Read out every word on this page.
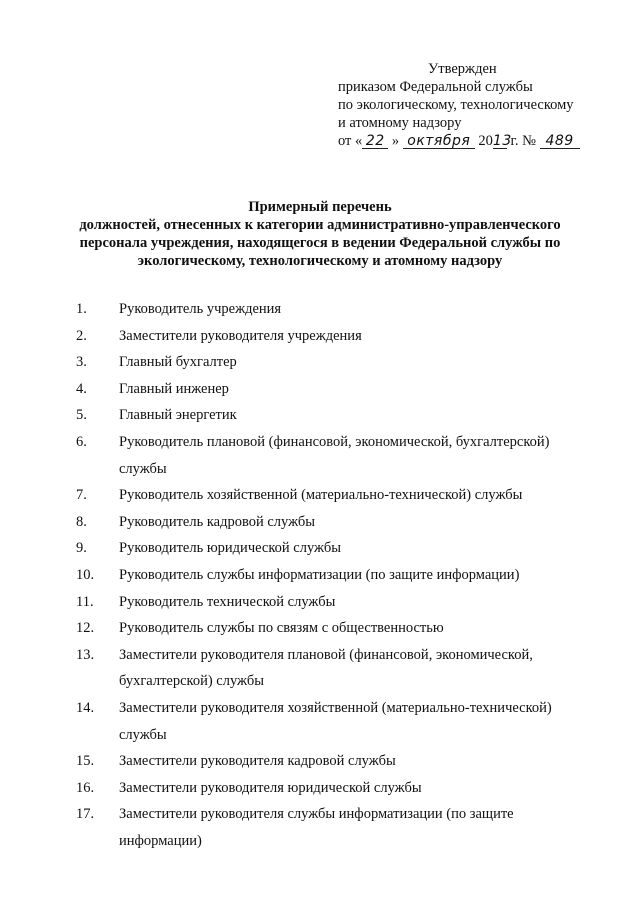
Утвержден
приказом Федеральной службы
по экологическому, технологическому
и атомному надзору
от « 22 » октября 2013 г. № 489
Примерный перечень
должностей, отнесенных к категории административно-управленческого
персонала учреждения, находящегося в ведении Федеральной службы по
экологическому, технологическому и атомному надзору
1.	Руководитель учреждения
2.	Заместители руководителя учреждения
3.	Главный бухгалтер
4.	Главный инженер
5.	Главный энергетик
6.	Руководитель плановой (финансовой, экономической, бухгалтерской) службы
7.	Руководитель хозяйственной (материально-технической) службы
8.	Руководитель кадровой службы
9.	Руководитель юридической службы
10.	Руководитель службы информатизации (по защите информации)
11.	Руководитель технической службы
12.	Руководитель службы по связям с общественностью
13.	Заместители руководителя плановой (финансовой, экономической, бухгалтерской) службы
14.	Заместители руководителя хозяйственной (материально-технической) службы
15.	Заместители руководителя кадровой службы
16.	Заместители руководителя юридической службы
17.	Заместители руководителя службы информатизации (по защите информации)
